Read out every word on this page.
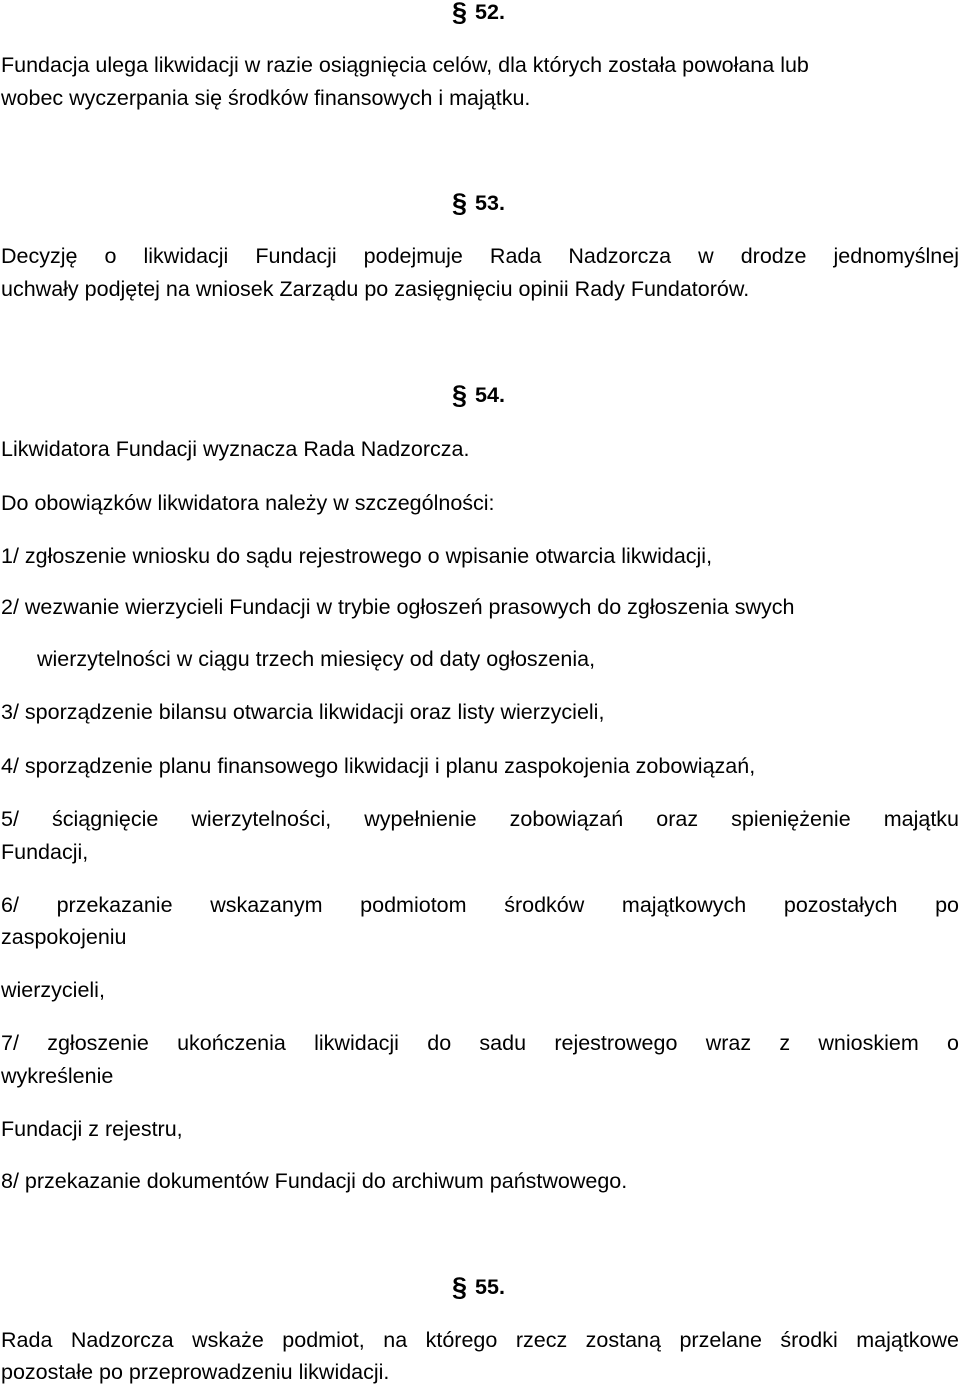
§ 52.

Fundacja ulega likwidacji w razie osiągnięcia celów, dla których została powołana lub

wobec wyczerpania się środków finansowych i majątku.

§ 53.

Decyzję o likwidacji Fundacji podejmuje Rada Nadzorcza w drodze jednomyślnej

uchwały podjętej na wniosek Zarządu po zasięgnięciu opinii Rady Fundatorów.

§ 54.

Likwidatora Fundacji wyznacza Rada Nadzorcza.

Do obowiązków likwidatora należy w szczególności:

1/ zgłoszenie wniosku do sądu rejestrowego o wpisanie otwarcia likwidacji,

2/ wezwanie wierzycieli Fundacji w trybie ogłoszeń prasowych do zgłoszenia swych

wierzytelności w ciągu trzech miesięcy od daty ogłoszenia,

3/ sporządzenie bilansu otwarcia likwidacji oraz listy wierzycieli,

4/ sporządzenie planu finansowego likwidacji i planu zaspokojenia zobowiązań,

5/ ściągnięcie wierzytelności, wypełnienie zobowiązań oraz spieniężenie majątku

Fundacji,

6/ przekazanie wskazanym podmiotom środków majątkowych pozostałych po

zaspokojeniu

wierzycieli,

7/ zgłoszenie ukończenia likwidacji do sadu rejestrowego wraz z wnioskiem o

wykreślenie

Fundacji z rejestru,

8/ przekazanie dokumentów Fundacji do archiwum państwowego.

§ 55.

Rada Nadzorcza wskaże podmiot, na którego rzecz zostaną przelane środki majątkowe

pozostałe po przeprowadzeniu likwidacji.
